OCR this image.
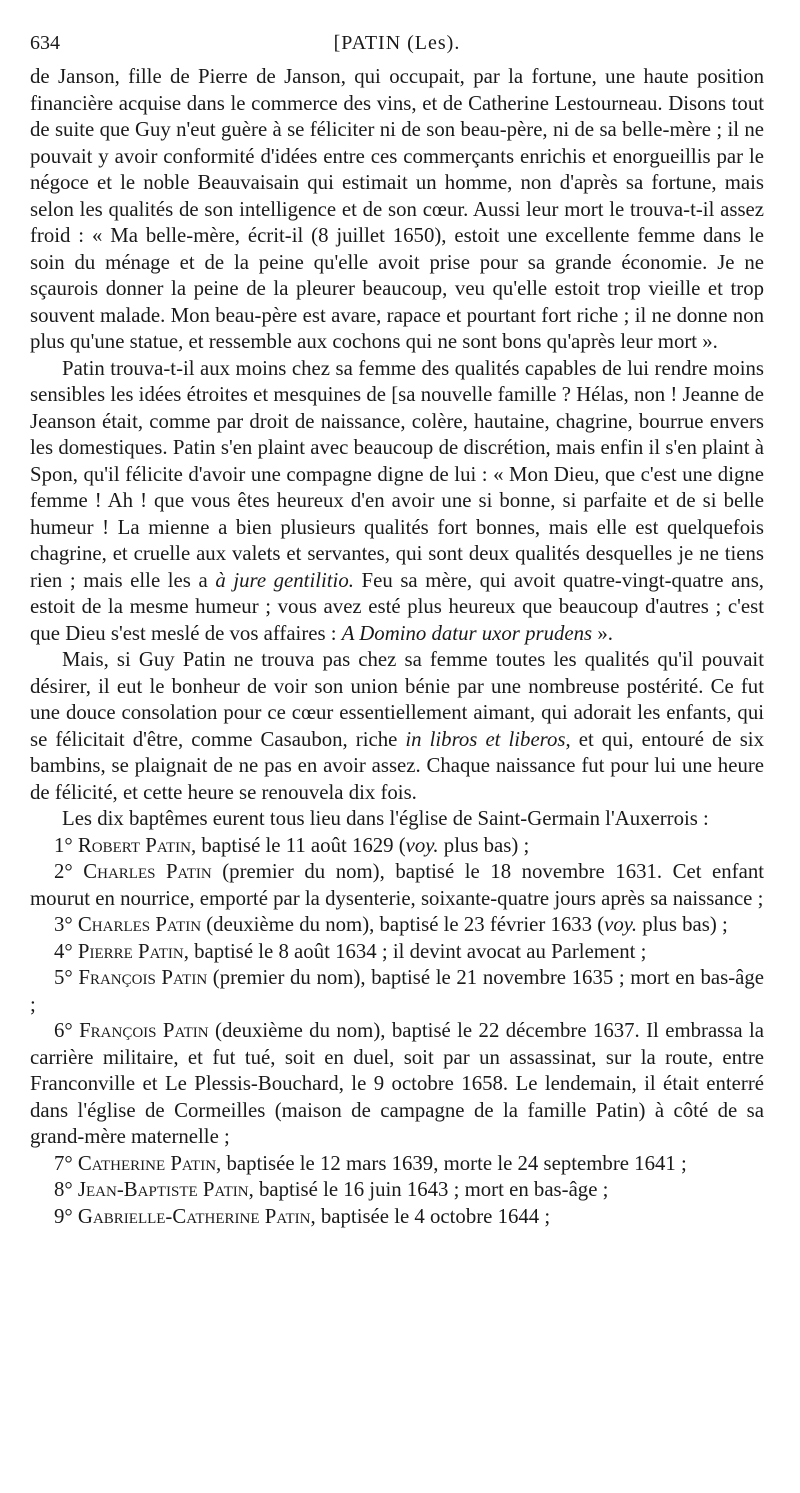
634	[PATIN (Les).

de Janson, fille de Pierre de Janson, qui occupait, par la fortune, une haute position financière acquise dans le commerce des vins, et de Catherine Lestourneau. Disons tout de suite que Guy n'eut guère à se féliciter ni de son beau-père, ni de sa belle-mère ; il ne pouvait y avoir conformité d'idées entre ces commerçants enrichis et enorgueillis par le négoce et le noble Beauvaisain qui estimait un homme, non d'après sa fortune, mais selon les qualités de son intelligence et de son cœur. Aussi leur mort le trouva-t-il assez froid : « Ma belle-mère, écrit-il (8 juillet 1650), estoit une excellente femme dans le soin du ménage et de la peine qu'elle avoit prise pour sa grande économie. Je ne sçaurois donner la peine de la pleurer beaucoup, veu qu'elle estoit trop vieille et trop souvent malade. Mon beau-père est avare, rapace et pourtant fort riche ; il ne donne non plus qu'une statue, et ressemble aux cochons qui ne sont bons qu'après leur mort ».

Patin trouva-t-il aux moins chez sa femme des qualités capables de lui rendre moins sensibles les idées étroites et mesquines de [sa nouvelle famille ? Hélas, non ! Jeanne de Jeanson était, comme par droit de naissance, colère, hautaine, chagrine, bourrue envers les domestiques. Patin s'en plaint avec beaucoup de discrétion, mais enfin il s'en plaint à Spon, qu'il félicite d'avoir une compagne digne de lui : « Mon Dieu, que c'est une digne femme ! Ah ! que vous êtes heureux d'en avoir une si bonne, si parfaite et de si belle humeur ! La mienne a bien plusieurs qualités fort bonnes, mais elle est quelquefois chagrine, et cruelle aux valets et servantes, qui sont deux qualités desquelles je ne tiens rien ; mais elle les a à jure gentilitio. Feu sa mère, qui avoit quatre-vingt-quatre ans, estoit de la mesme humeur ; vous avez esté plus heureux que beaucoup d'autres ; c'est que Dieu s'est meslé de vos affaires : A Domino datur uxor prudens ».

Mais, si Guy Patin ne trouva pas chez sa femme toutes les qualités qu'il pouvait désirer, il eut le bonheur de voir son union bénie par une nombreuse postérité. Ce fut une douce consolation pour ce cœur essentiellement aimant, qui adorait les enfants, qui se félicitait d'être, comme Casaubon, riche in libros et liberos, et qui, entouré de six bambins, se plaignait de ne pas en avoir assez. Chaque naissance fut pour lui une heure de félicité, et cette heure se renouvela dix fois.

Les dix baptêmes eurent tous lieu dans l'église de Saint-Germain l'Auxerrois :

1° Robert Patin, baptisé le 11 août 1629 (voy. plus bas) ;

2° Charles Patin (premier du nom), baptisé le 18 novembre 1631. Cet enfant mourut en nourrice, emporté par la dysenterie, soixante-quatre jours après sa naissance ;

3° Charles Patin (deuxième du nom), baptisé le 23 février 1633 (voy. plus bas) ;

4° Pierre Patin, baptisé le 8 août 1634 ; il devint avocat au Parlement ;

5° François Patin (premier du nom), baptisé le 21 novembre 1635 ; mort en bas-âge ;

6° François Patin (deuxième du nom), baptisé le 22 décembre 1637. Il embrassa la carrière militaire, et fut tué, soit en duel, soit par un assassinat, sur la route, entre Franconville et Le Plessis-Bouchard, le 9 octobre 1658. Le lendemain, il était enterré dans l'église de Cormeilles (maison de campagne de la famille Patin) à côté de sa grand-mère maternelle ;

7° Catherine Patin, baptisée le 12 mars 1639, morte le 24 septembre 1641 ;

8° Jean-Baptiste Patin, baptisé le 16 juin 1643 ; mort en bas-âge ;

9° Gabrielle-Catherine Patin, baptisée le 4 octobre 1644 ;
